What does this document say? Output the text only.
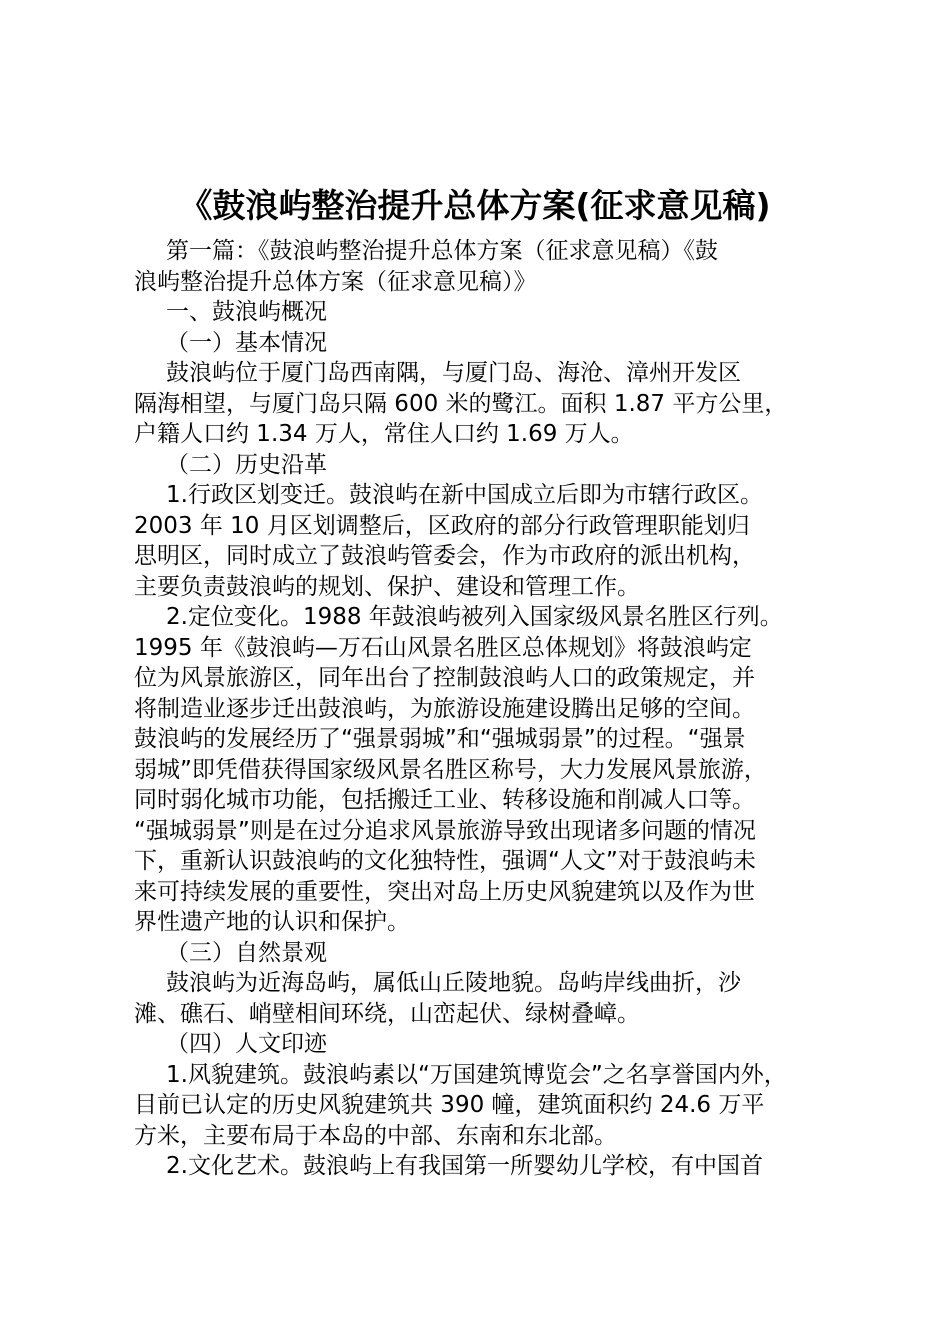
《鼓浪屿整治提升总体方案(征求意见稿)
第一篇：《鼓浪屿整治提升总体方案（征求意见稿）《鼓
浪屿整治提升总体方案（征求意见稿）》
一、鼓浪屿概况
（一）基本情况
鼓浪屿位于厦门岛西南隅，与厦门岛、海沧、漳州开发区
隔海相望，与厦门岛只隔 600 米的鹭江。面积 1.87 平方公里，
户籍人口约 1.34 万人，常住人口约 1.69 万人。
（二）历史沿革
1.行政区划变迁。鼓浪屿在新中国成立后即为市辖行政区。
2003 年 10 月区划调整后，区政府的部分行政管理职能划归
思明区，同时成立了鼓浪屿管委会，作为市政府的派出机构，
主要负责鼓浪屿的规划、保护、建设和管理工作。
2.定位变化。1988 年鼓浪屿被列入国家级风景名胜区行列。
1995 年《鼓浪屿—万石山风景名胜区总体规划》将鼓浪屿定
位为风景旅游区，同年出台了控制鼓浪屿人口的政策规定，并
将制造业逐步迁出鼓浪屿，为旅游设施建设腾出足够的空间。
鼓浪屿的发展经历了“强景弱城”和“强城弱景”的过程。“强景
弱城”即凭借获得国家级风景名胜区称号，大力发展风景旅游，
同时弱化城市功能，包括搬迁工业、转移设施和削减人口等。
“强城弱景”则是在过分追求风景旅游导致出现诸多问题的情况
下，重新认识鼓浪屿的文化独特性，强调“人文”对于鼓浪屿未
来可持续发展的重要性，突出对岛上历史风貌建筑以及作为世
界性遗产地的认识和保护。
（三）自然景观
鼓浪屿为近海岛屿，属低山丘陵地貌。岛屿岸线曲折，沙
滩、礁石、峭壁相间环绕，山峦起伏、绿树叠嶂。
（四）人文印迹
1.风貌建筑。鼓浪屿素以“万国建筑博览会”之名享誉国内外，
目前已认定的历史风貌建筑共 390 幢，建筑面积约 24.6 万平
方米，主要布局于本岛的中部、东南和东北部。
2.文化艺术。鼓浪屿上有我国第一所婴幼儿学校，有中国首
